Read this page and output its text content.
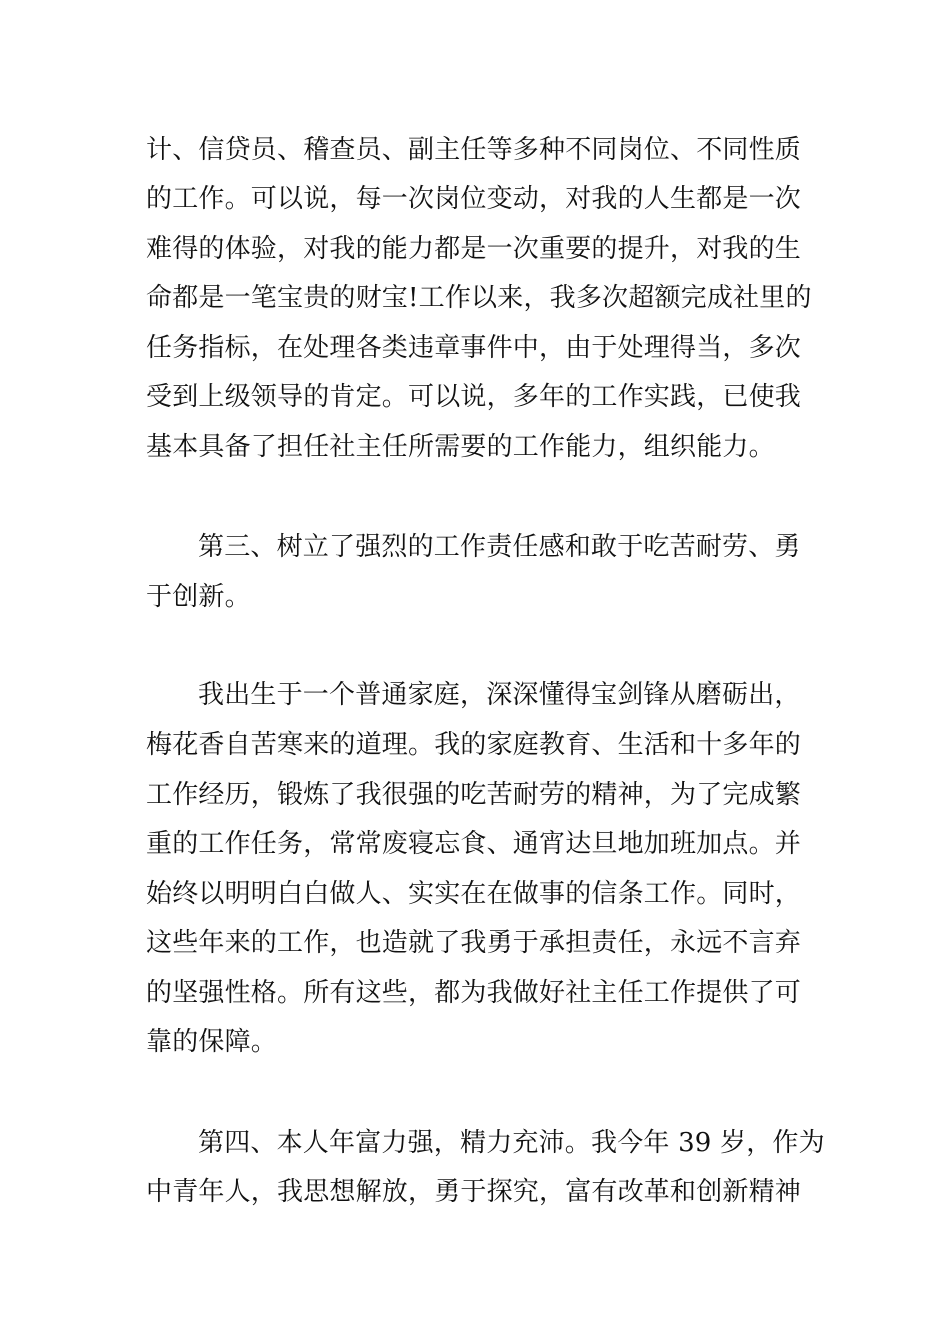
计、信贷员、稽查员、副主任等多种不同岗位、不同性质
的工作。可以说，每一次岗位变动，对我的人生都是一次
难得的体验，对我的能力都是一次重要的提升，对我的生
命都是一笔宝贵的财宝!工作以来，我多次超额完成社里的
任务指标，在处理各类违章事件中，由于处理得当，多次
受到上级领导的肯定。可以说，多年的工作实践，已使我
基本具备了担任社主任所需要的工作能力，组织能力。
第三、树立了强烈的工作责任感和敢于吃苦耐劳、勇
于创新。
我出生于一个普通家庭，深深懂得宝剑锋从磨砺出，
梅花香自苦寒来的道理。我的家庭教育、生活和十多年的
工作经历，锻炼了我很强的吃苦耐劳的精神，为了完成繁
重的工作任务，常常废寝忘食、通宵达旦地加班加点。并
始终以明明白白做人、实实在在做事的信条工作。同时，
这些年来的工作，也造就了我勇于承担责任，永远不言弃
的坚强性格。所有这些，都为我做好社主任工作提供了可
靠的保障。
第四、本人年富力强，精力充沛。我今年 39 岁，作为
中青年人，我思想解放，勇于探究，富有改革和创新精神
